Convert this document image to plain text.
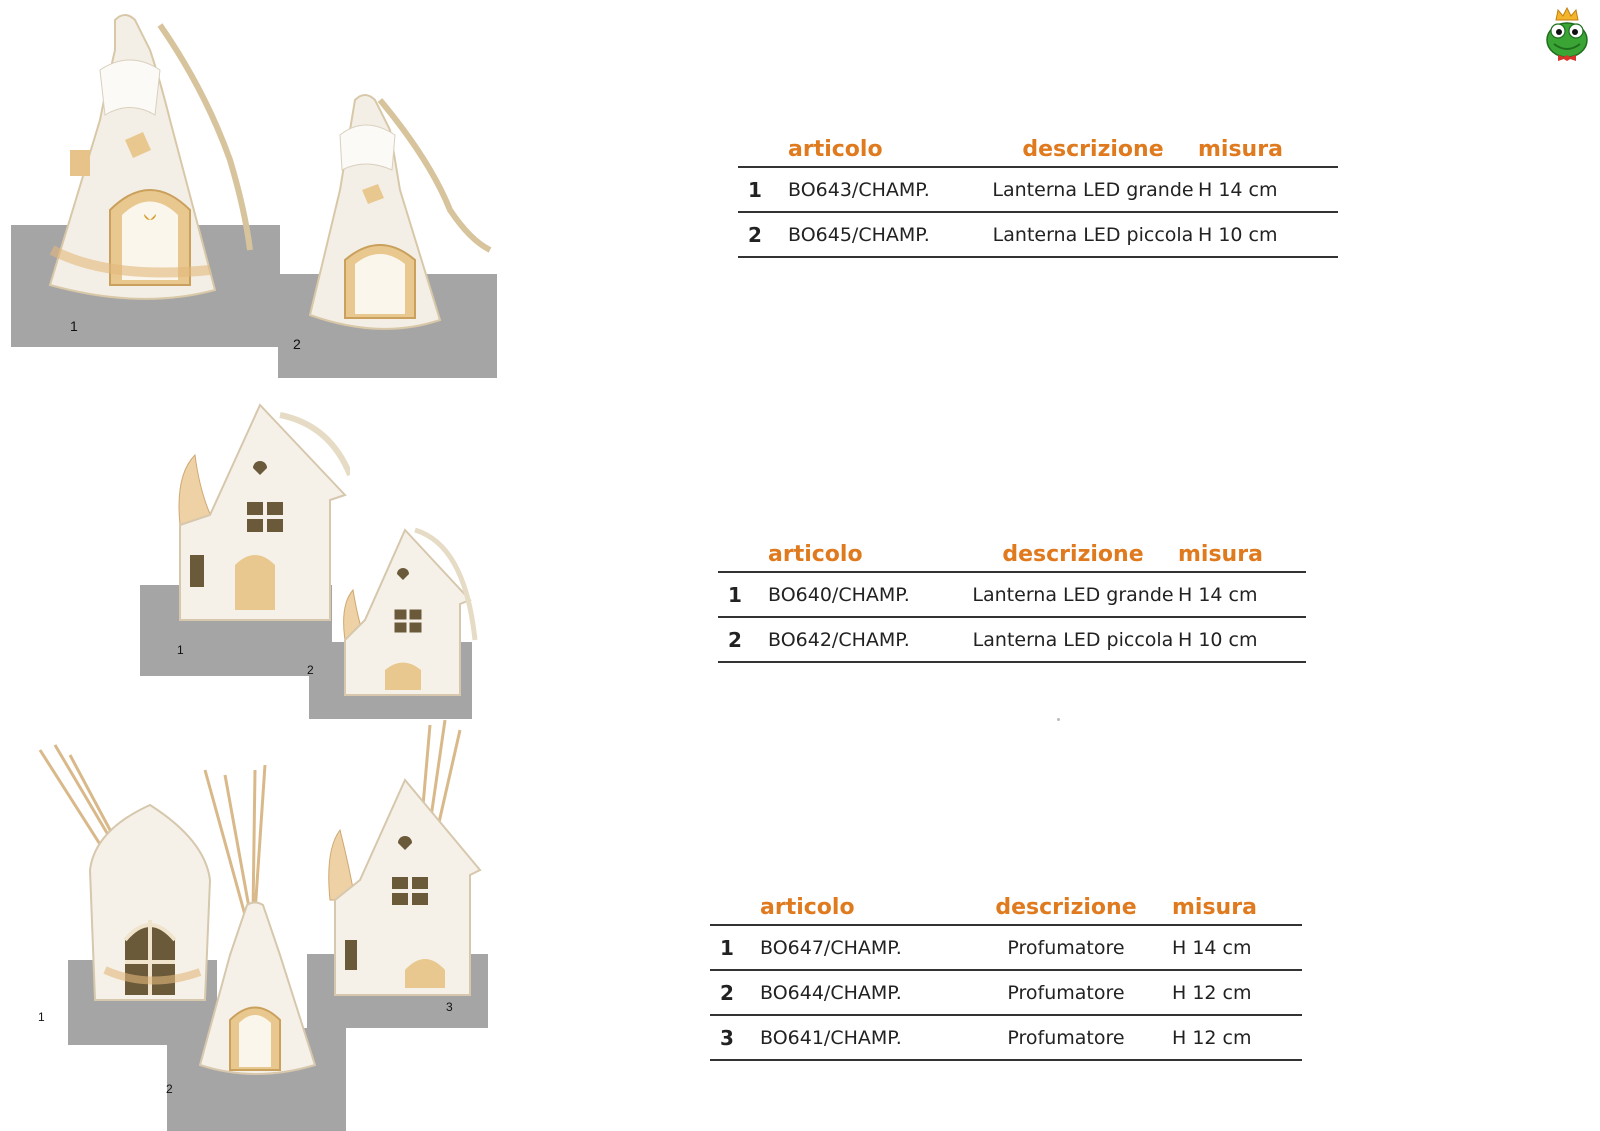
1
2
1
2
1
2
3
	articolo	descrizione	misura
1	BO643/CHAMP.	Lanterna LED grande	H 14 cm
2	BO645/CHAMP.	Lanterna LED piccola	H 10 cm
	articolo	descrizione	misura
1	BO640/CHAMP.	Lanterna LED grande	H 14 cm
2	BO642/CHAMP.	Lanterna LED piccola	H 10 cm
	articolo	descrizione	misura
1	BO647/CHAMP.	Profumatore	H 14 cm
2	BO644/CHAMP.	Profumatore	H 12 cm
3	BO641/CHAMP.	Profumatore	H 12 cm
